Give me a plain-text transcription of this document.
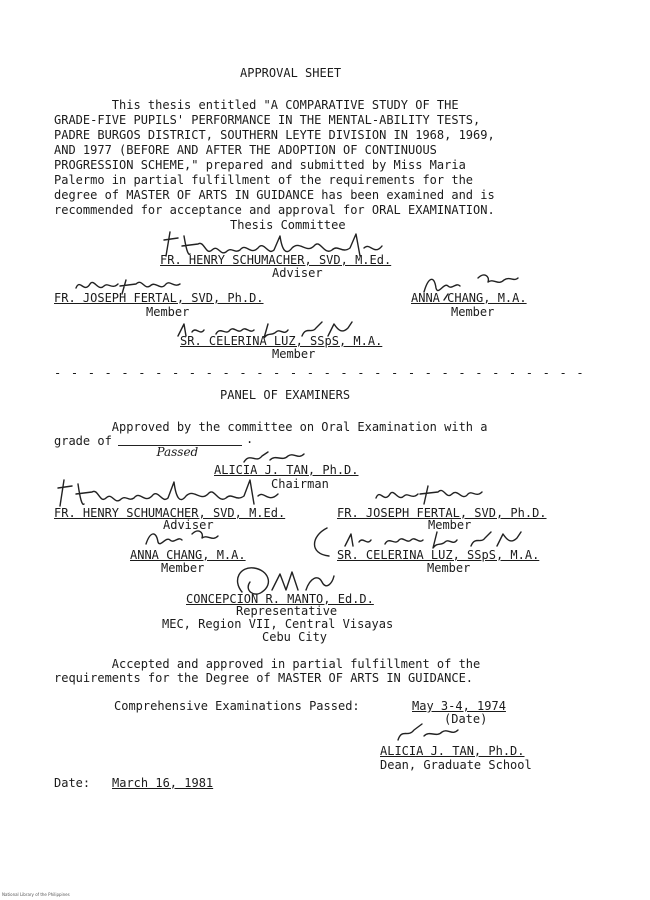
APPROVAL SHEET
This thesis entitled "A COMPARATIVE STUDY OF THE
GRADE-FIVE PUPILS' PERFORMANCE IN THE MENTAL-ABILITY TESTS,
PADRE BURGOS DISTRICT, SOUTHERN LEYTE DIVISION IN 1968, 1969,
AND 1977 (BEFORE AND AFTER THE ADOPTION OF CONTINUOUS
PROGRESSION SCHEME," prepared and submitted by Miss Maria
Palermo in partial fulfillment of the requirements for the
degree of MASTER OF ARTS IN GUIDANCE has been examined and is
recommended for acceptance and approval for ORAL EXAMINATION.
Thesis Committee
FR. HENRY SCHUMACHER, SVD, M.Ed.
Adviser
FR. JOSEPH FERTAL, SVD, Ph.D.	ANNA CHANG, M.A.
Member	Member
SR. CELERINA LUZ, SSpS, M.A.
Member
- - - - - - - - - - - - - - - - - - - - - - - - - - - - - - - -
PANEL OF EXAMINERS
Approved by the committee on Oral Examination with a
grade of

Passed

.
ALICIA J. TAN, Ph.D.
Chairman
FR. HENRY SCHUMACHER, SVD, M.Ed.	FR. JOSEPH FERTAL, SVD, Ph.D.
Adviser	Member
ANNA CHANG, M.A.	SR. CELERINA LUZ, SSpS, M.A.
Member	Member
CONCEPCION R. MANTO, Ed.D.
Representative
MEC, Region VII, Central Visayas
Cebu City
Accepted and approved in partial fulfillment of the
requirements for the Degree of MASTER OF ARTS IN GUIDANCE.
Comprehensive Examinations Passed:	May 3-4, 1974
(Date)
ALICIA J. TAN, Ph.D.
Dean, Graduate School
Date: March 16, 1981
National Library of the Philippines
